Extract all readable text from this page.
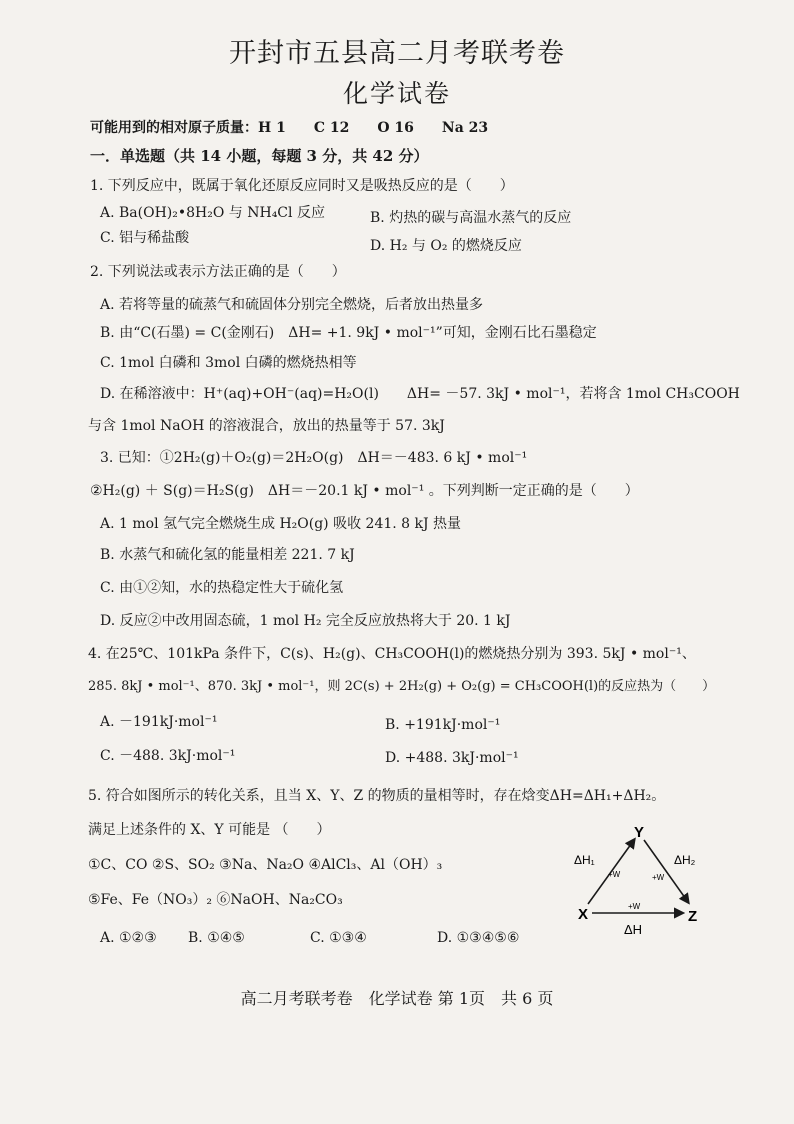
开封市五县高二月考联考卷
化学试卷
可能用到的相对原子质量：H 1　　C 12　　O 16　　Na 23
一．单选题（共 14 小题，每题 3 分，共 42 分）
1. 下列反应中，既属于氧化还原反应同时又是吸热反应的是（　　）
A. Ba(OH)₂•8H₂O 与 NH₄Cl 反应	B. 灼热的碳与高温水蒸气的反应
C. 铝与稀盐酸	D. H₂ 与 O₂ 的燃烧反应
2. 下列说法或表示方法正确的是（　　）
A. 若将等量的硫蒸气和硫固体分别完全燃烧，后者放出热量多
B. 由“C(石墨) = C(金刚石)　ΔH= +1. 9kJ • mol⁻¹”可知，金刚石比石墨稳定
C. 1mol 白磷和 3mol 白磷的燃烧热相等
D. 在稀溶液中：H⁺(aq)+OH⁻(aq)=H₂O(l)　　ΔH= －57. 3kJ • mol⁻¹，若将含 1mol CH₃COOH
与含 1mol NaOH 的溶液混合，放出的热量等于 57. 3kJ
3. 已知：①2H₂(g)＋O₂(g)＝2H₂O(g)　ΔH＝－483. 6 kJ • mol⁻¹
②H₂(g) ＋ S(g)＝H₂S(g)　ΔH＝－20.1 kJ • mol⁻¹ 。下列判断一定正确的是（　　）
A. 1 mol 氢气完全燃烧生成 H₂O(g) 吸收 241. 8 kJ 热量
B. 水蒸气和硫化氢的能量相差 221. 7 kJ
C. 由①②知，水的热稳定性大于硫化氢
D. 反应②中改用固态硫，1 mol H₂ 完全反应放热将大于 20. 1 kJ
4. 在25℃、101kPa 条件下，C(s)、H₂(g)、CH₃COOH(l)的燃烧热分别为 393. 5kJ • mol⁻¹、
285. 8kJ • mol⁻¹、870. 3kJ • mol⁻¹，则 2C(s) + 2H₂(g) + O₂(g) = CH₃COOH(l)的反应热为（　　）
A. －191kJ·mol⁻¹	B. +191kJ·mol⁻¹
C. －488. 3kJ·mol⁻¹	D. +488. 3kJ·mol⁻¹
5. 符合如图所示的转化关系，且当 X、Y、Z 的物质的量相等时，存在焓变ΔH=ΔH₁+ΔH₂。
满足上述条件的 X、Y 可能是 （　　）
①C、CO ②S、SO₂ ③Na、Na₂O ④AlCl₃、Al（OH）₃
⑤Fe、Fe（NO₃）₂ ⑥NaOH、Na₂CO₃
A. ①②③ B. ①④⑤	C. ①③④	D. ①③④⑤⑥
Y
X	Z
ΔH₁	ΔH₂
ΔH
+W	+W
+W
高二月考联考卷　化学试卷 第 1页　共 6 页
